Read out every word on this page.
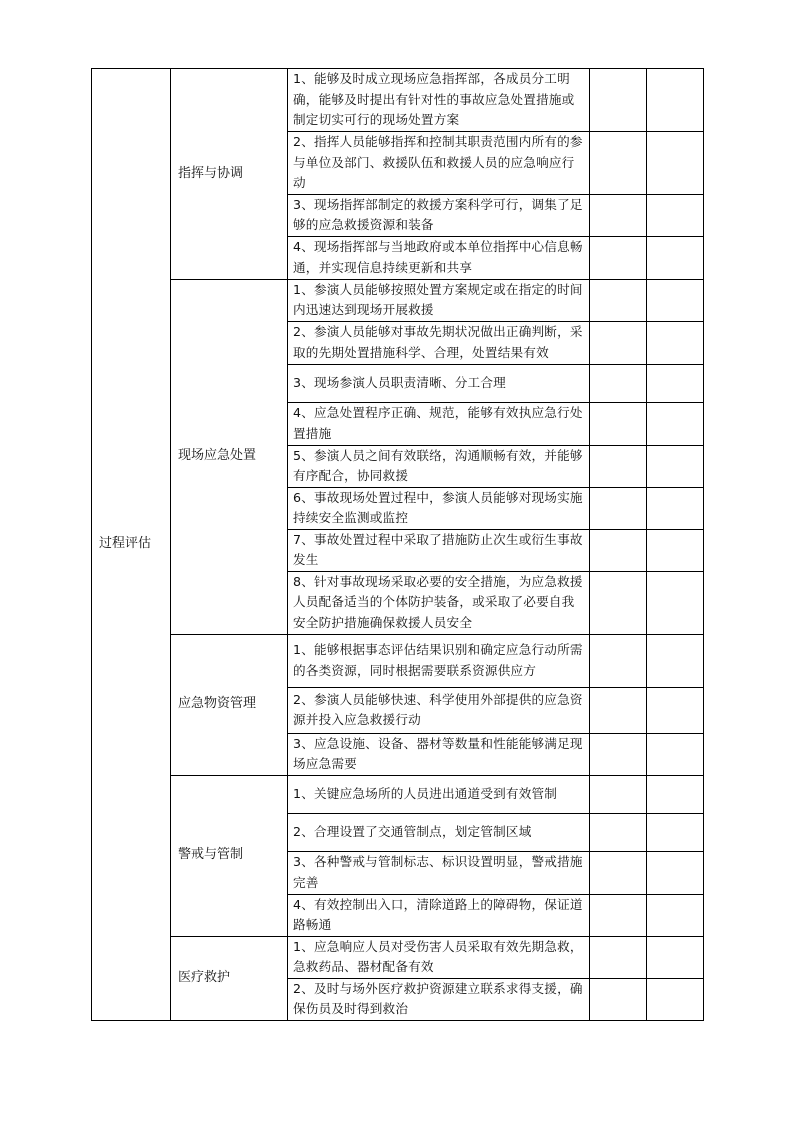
过程评估	指挥与协调	1、能够及时成立现场应急指挥部，各成员分工明确，能够及时提出有针对性的事故应急处置措施或制定切实可行的现场处置方案		
		2、指挥人员能够指挥和控制其职责范围内所有的参与单位及部门、救援队伍和救援人员的应急响应行动		
		3、现场指挥部制定的救援方案科学可行，调集了足够的应急救援资源和装备		
		4、现场指挥部与当地政府或本单位指挥中心信息畅通，并实现信息持续更新和共享		
	现场应急处置	1、参演人员能够按照处置方案规定或在指定的时间内迅速达到现场开展救援		
		2、参演人员能够对事故先期状况做出正确判断，采取的先期处置措施科学、合理，处置结果有效		
		3、现场参演人员职责清晰、分工合理		
		4、应急处置程序正确、规范，能够有效执应急行处置措施		
		5、参演人员之间有效联络，沟通顺畅有效，并能够有序配合，协同救援		
		6、事故现场处置过程中，参演人员能够对现场实施持续安全监测或监控		
		7、事故处置过程中采取了措施防止次生或衍生事故发生		
		8、针对事故现场采取必要的安全措施，为应急救援人员配备适当的个体防护装备，或采取了必要自我安全防护措施确保救援人员安全		
	应急物资管理	1、能够根据事态评估结果识别和确定应急行动所需的各类资源，同时根据需要联系资源供应方		
		2、参演人员能够快速、科学使用外部提供的应急资源并投入应急救援行动		
		3、应急设施、设备、器材等数量和性能能够满足现场应急需要		
	警戒与管制	1、关键应急场所的人员进出通道受到有效管制		
		2、合理设置了交通管制点，划定管制区域		
		3、各种警戒与管制标志、标识设置明显，警戒措施完善		
		4、有效控制出入口，清除道路上的障碍物，保证道路畅通		
	医疗救护	1、应急响应人员对受伤害人员采取有效先期急救，急救药品、器材配备有效		
		2、及时与场外医疗救护资源建立联系求得支援，确保伤员及时得到救治		
